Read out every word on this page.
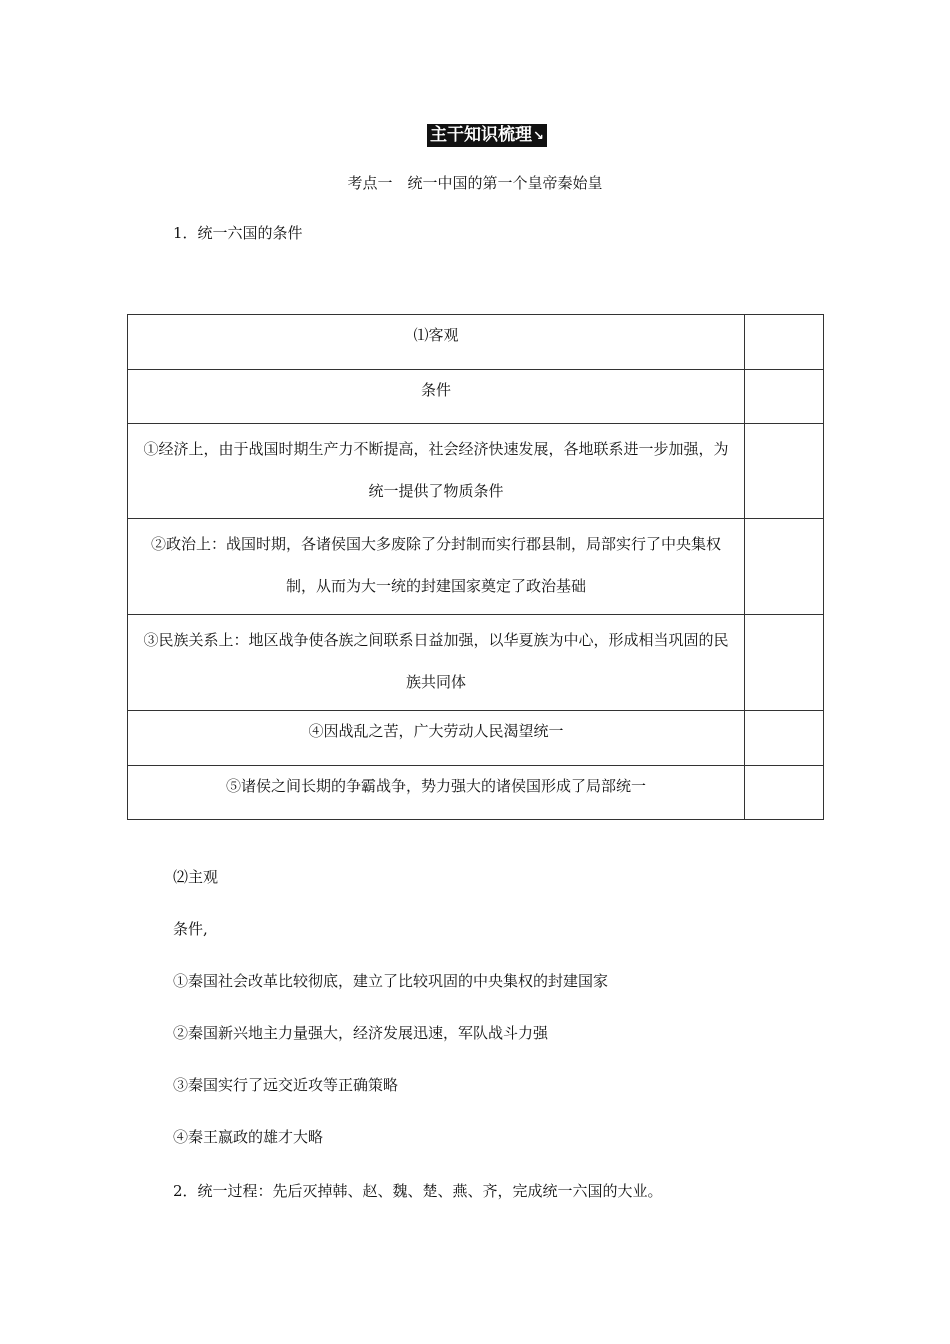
主干知识梳理↘
考点一　统一中国的第一个皇帝秦始皇
1．统一六国的条件
⑴客观	

条件	

①经济上，由于战国时期生产力不断提高，社会经济快速发展，各地联系进一步加强，为统一提供了物质条件	

②政治上：战国时期，各诸侯国大多废除了分封制而实行郡县制，局部实行了中央集权制，从而为大一统的封建国家奠定了政治基础	

③民族关系上：地区战争使各族之间联系日益加强，以华夏族为中心，形成相当巩固的民族共同体	

④因战乱之苦，广大劳动人民渴望统一	

⑤诸侯之间长期的争霸战争，势力强大的诸侯国形成了局部统一	

⑵主观
条件,
①秦国社会改革比较彻底，建立了比较巩固的中央集权的封建国家
②秦国新兴地主力量强大，经济发展迅速，军队战斗力强
③秦国实行了远交近攻等正确策略
④秦王嬴政的雄才大略
2．统一过程：先后灭掉韩、赵、魏、楚、燕、齐，完成统一六国的大业。
